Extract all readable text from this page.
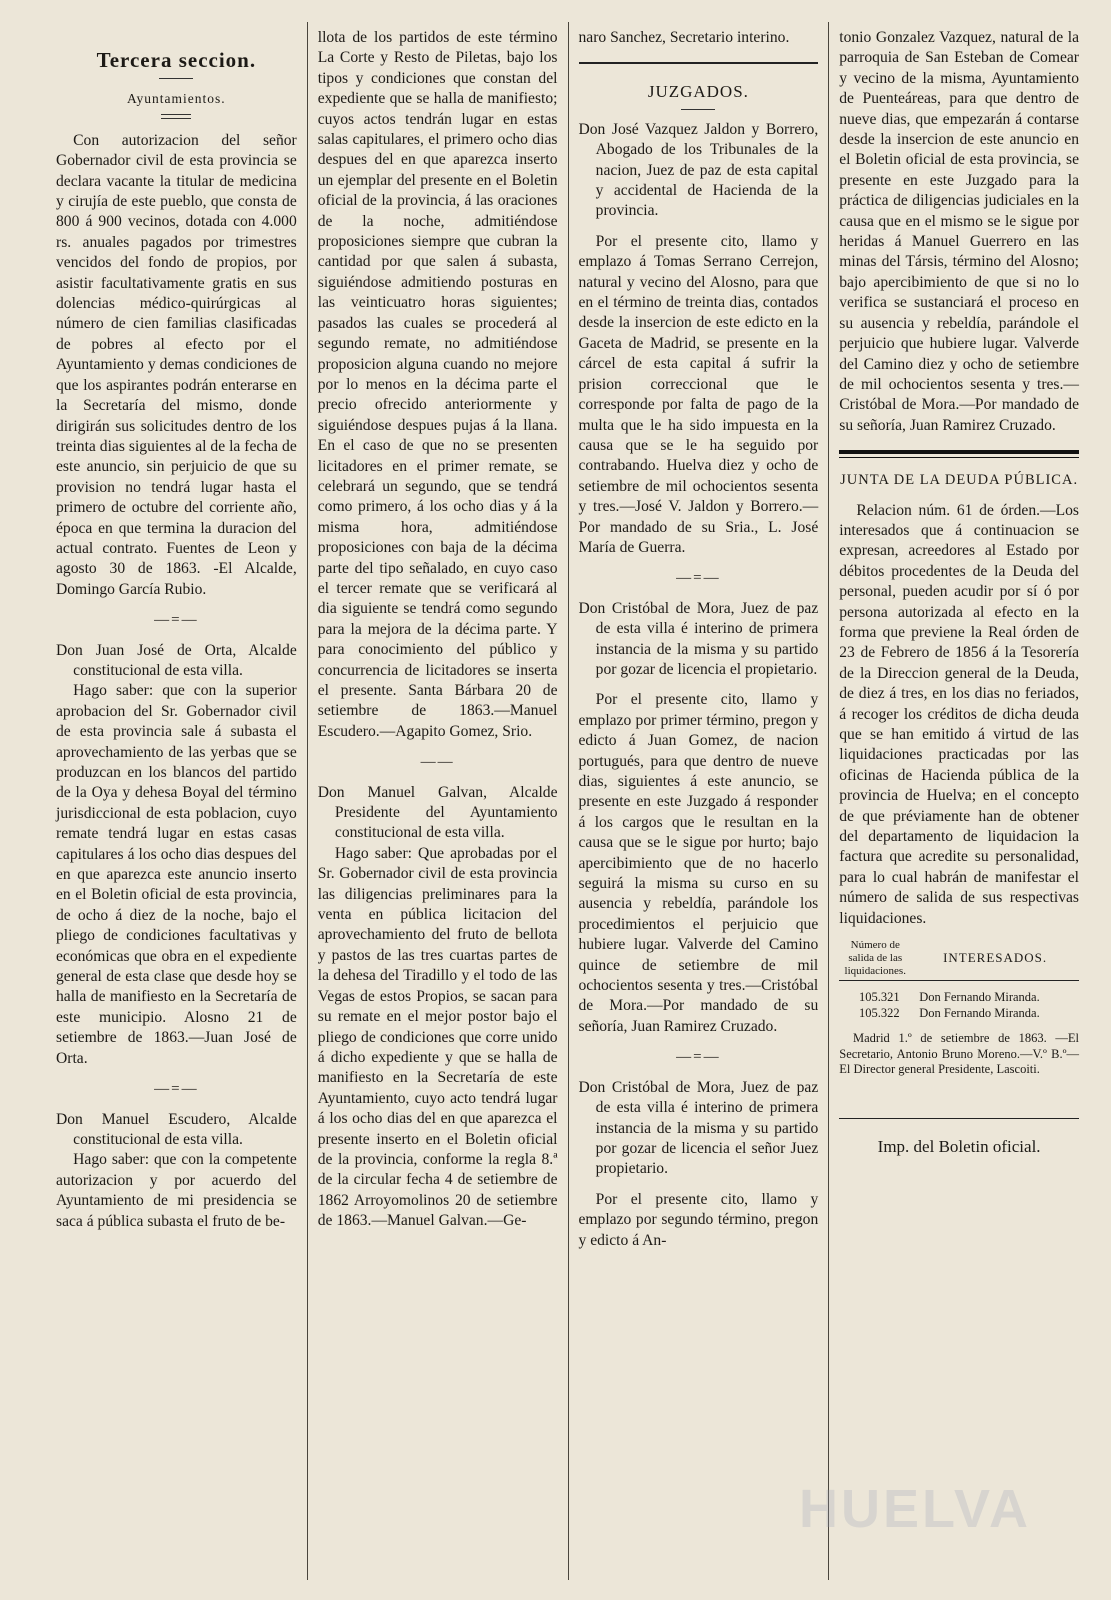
Tercera seccion.
Ayuntamientos.

Con autorizacion del señor Gobernador civil de esta provincia se declara vacante la titular de medicina y cirujía de este pueblo, que consta de 800 á 900 vecinos, dotada con 4.000 rs. anuales pagados por trimestres vencidos del fondo de propios, por asistir facultativamente gratis en sus dolencias médico-quirúrgicas al número de cien familias clasificadas de pobres al efecto por el Ayuntamiento y demas condiciones de que los aspirantes podrán enterarse en la Secretaría del mismo, donde dirigirán sus solicitudes dentro de los treinta dias siguientes al de la fecha de este anuncio, sin perjuicio de que su provision no tendrá lugar hasta el primero de octubre del corriente año, época en que termina la duracion del actual contrato. Fuentes de Leon y agosto 30 de 1863. -El Alcalde, Domingo García Rubio.

—=—

Don Juan José de Orta, Alcalde constitucional de esta villa.

Hago saber: que con la superior aprobacion del Sr. Gobernador civil de esta provincia sale á subasta el aprovechamiento de las yerbas que se produzcan en los blancos del partido de la Oya y dehesa Boyal del término jurisdiccional de esta poblacion, cuyo remate tendrá lugar en estas casas capitulares á los ocho dias despues del en que aparezca este anuncio inserto en el Boletin oficial de esta provincia, de ocho á diez de la noche, bajo el pliego de condiciones facultativas y económicas que obra en el expediente general de esta clase que desde hoy se halla de manifiesto en la Secretaría de este municipio. Alosno 21 de setiembre de 1863.—Juan José de Orta.

—=—

Don Manuel Escudero, Alcalde constitucional de esta villa.

Hago saber: que con la competente autorizacion y por acuerdo del Ayuntamiento de mi presidencia se saca á pública subasta el fruto de be-

llota de los partidos de este término La Corte y Resto de Piletas, bajo los tipos y condiciones que constan del expediente que se halla de manifiesto; cuyos actos tendrán lugar en estas salas capitulares, el primero ocho dias despues del en que aparezca inserto un ejemplar del presente en el Boletin oficial de la provincia, á las oraciones de la noche, admitiéndose proposiciones siempre que cubran la cantidad por que salen á subasta, siguiéndose admitiendo posturas en las veinticuatro horas siguientes; pasados las cuales se procederá al segundo remate, no admitiéndose proposicion alguna cuando no mejore por lo menos en la décima parte el precio ofrecido anteriormente y siguiéndose despues pujas á la llana. En el caso de que no se presenten licitadores en el primer remate, se celebrará un segundo, que se tendrá como primero, á los ocho dias y á la misma hora, admitiéndose proposiciones con baja de la décima parte del tipo señalado, en cuyo caso el tercer remate que se verificará al dia siguiente se tendrá como segundo para la mejora de la décima parte. Y para conocimiento del público y concurrencia de licitadores se inserta el presente. Santa Bárbara 20 de setiembre de 1863.—Manuel Escudero.—Agapito Gomez, Srio.

——

Don Manuel Galvan, Alcalde Presidente del Ayuntamiento constitucional de esta villa.

Hago saber: Que aprobadas por el Sr. Gobernador civil de esta provincia las diligencias preliminares para la venta en pública licitacion del aprovechamiento del fruto de bellota y pastos de las tres cuartas partes de la dehesa del Tiradillo y el todo de las Vegas de estos Propios, se sacan para su remate en el mejor postor bajo el pliego de condiciones que corre unido á dicho expediente y que se halla de manifiesto en la Secretaría de este Ayuntamiento, cuyo acto tendrá lugar á los ocho dias del en que aparezca el presente inserto en el Boletin oficial de la provincia, conforme la regla 8.ª de la circular fecha 4 de setiembre de 1862 Arroyomolinos 20 de setiembre de 1863.—Manuel Galvan.—Ge-

naro Sanchez, Secretario interino.

JUZGADOS.

Don José Vazquez Jaldon y Borrero, Abogado de los Tribunales de la nacion, Juez de paz de esta capital y accidental de Hacienda de la provincia.

Por el presente cito, llamo y emplazo á Tomas Serrano Cerrejon, natural y vecino del Alosno, para que en el término de treinta dias, contados desde la insercion de este edicto en la Gaceta de Madrid, se presente en la cárcel de esta capital á sufrir la prision correccional que le corresponde por falta de pago de la multa que le ha sido impuesta en la causa que se le ha seguido por contrabando. Huelva diez y ocho de setiembre de mil ochocientos sesenta y tres.—José V. Jaldon y Borrero.—Por mandado de su Sria., L. José María de Guerra.

—=—

Don Cristóbal de Mora, Juez de paz de esta villa é interino de primera instancia de la misma y su partido por gozar de licencia el propietario.

Por el presente cito, llamo y emplazo por primer término, pregon y edicto á Juan Gomez, de nacion portugués, para que dentro de nueve dias, siguientes á este anuncio, se presente en este Juzgado á responder á los cargos que le resultan en la causa que se le sigue por hurto; bajo apercibimiento que de no hacerlo seguirá la misma su curso en su ausencia y rebeldía, parándole los procedimientos el perjuicio que hubiere lugar. Valverde del Camino quince de setiembre de mil ochocientos sesenta y tres.—Cristóbal de Mora.—Por mandado de su señoría, Juan Ramirez Cruzado.

—=—

Don Cristóbal de Mora, Juez de paz de esta villa é interino de primera instancia de la misma y su partido por gozar de licencia el señor Juez propietario.

Por el presente cito, llamo y emplazo por segundo término, pregon y edicto á An-

tonio Gonzalez Vazquez, natural de la parroquia de San Esteban de Comear y vecino de la misma, Ayuntamiento de Puenteáreas, para que dentro de nueve dias, que empezarán á contarse desde la insercion de este anuncio en el Boletin oficial de esta provincia, se presente en este Juzgado para la práctica de diligencias judiciales en la causa que en el mismo se le sigue por heridas á Manuel Guerrero en las minas del Társis, término del Alosno; bajo apercibimiento de que si no lo verifica se sustanciará el proceso en su ausencia y rebeldía, parándole el perjuicio que hubiere lugar. Valverde del Camino diez y ocho de setiembre de mil ochocientos sesenta y tres.—Cristóbal de Mora.—Por mandado de su señoría, Juan Ramirez Cruzado.

JUNTA DE LA DEUDA PÚBLICA.

Relacion núm. 61 de órden.—Los interesados que á continuacion se expresan, acreedores al Estado por débitos procedentes de la Deuda del personal, pueden acudir por sí ó por persona autorizada al efecto en la forma que previene la Real órden de 23 de Febrero de 1856 á la Tesorería de la Direccion general de la Deuda, de diez á tres, en los dias no feriados, á recoger los créditos de dicha deuda que se han emitido á virtud de las liquidaciones practicadas por las oficinas de Hacienda pública de la provincia de Huelva; en el concepto de que préviamente han de obtener del departamento de liquidacion la factura que acredite su personalidad, para lo cual habrán de manifestar el número de salida de sus respectivas liquidaciones.

Número de salida de las liquidaciones.
INTERESADOS.
105.321	Don Fernando Miranda.
105.322	Don Fernando Miranda.

Madrid 1.º de setiembre de 1863. —El Secretario, Antonio Bruno Moreno.—V.º B.º—El Director general Presidente, Lascoiti.

Imp. del Boletin oficial.
HUELVA
